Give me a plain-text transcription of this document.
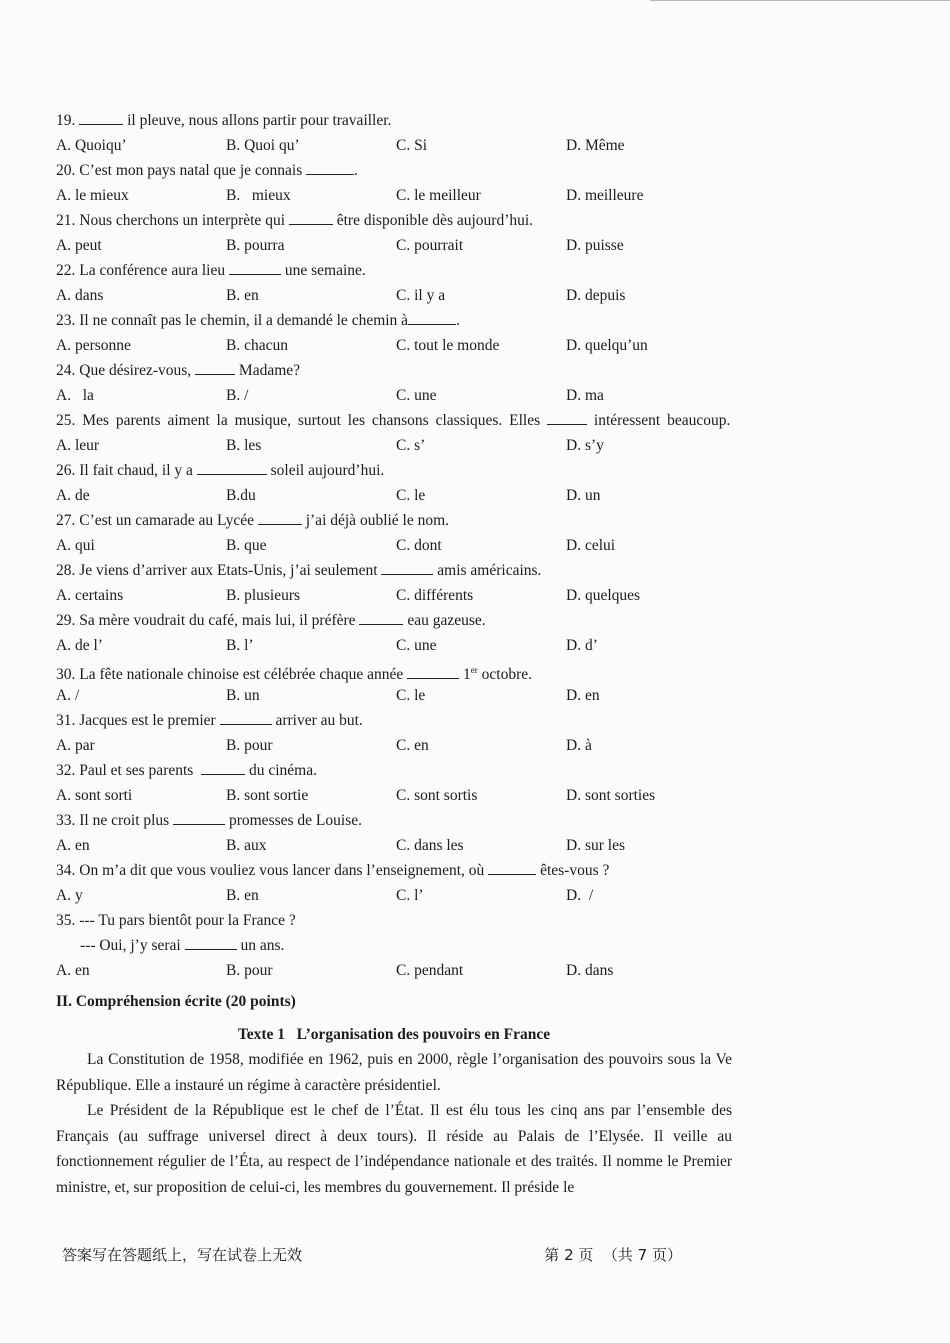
19.	il pleuve, nous allons partir pour travailler.
A. Quoiqu’	B. Quoi qu’	C. Si	D. Même
20. C’est mon pays natal que je connais	.
A. le mieux	B.   mieux	C. le meilleur	D. meilleure
21. Nous cherchons un interprète qui	être disponible dès aujourd’hui.
A. peut	B. pourra	C. pourrait	D. puisse
22. La conférence aura lieu	une semaine.
A. dans	B. en	C. il y a	D. depuis
23. Il ne connaît pas le chemin, il a demandé le chemin à	.
A. personne	B. chacun	C. tout le monde	D. quelqu’un
24. Que désirez-vous,	Madame?
A.   la	B. /	C. une	D. ma
25. Mes parents aiment la musique, surtout les chansons classiques. Elles	intéressent beaucoup.
A. leur	B. les	C. s’	D. s’y
26. Il fait chaud, il y a	soleil aujourd’hui.
A. de	B.du	C. le	D. un
27. C’est un camarade au Lycée	j’ai déjà oublié le nom.
A. qui	B. que	C. dont	D. celui
28. Je viens d’arriver aux Etats-Unis, j’ai seulement	amis américains.
A. certains	B. plusieurs	C. différents	D. quelques
29. Sa mère voudrait du café, mais lui, il préfère	eau gazeuse.
A. de l’	B. l’	C. une	D. d’
30. La fête nationale chinoise est célébrée chaque année	1er octobre.
A. /	B. un	C. le	D. en
31. Jacques est le premier	arriver au but.
A. par	B. pour	C. en	D. à
32. Paul et ses parents	du cinéma.
A. sont sorti	B. sont sortie	C. sont sortis	D. sont sorties
33. Il ne croit plus	promesses de Louise.
A. en	B. aux	C. dans les	D. sur les
34. On m’a dit que vous vouliez vous lancer dans l’enseignement, où	êtes-vous ?
A. y	B. en	C. l’	D.  /
35. --- Tu pars bientôt pour la France ?
--- Oui, j’y serai	un ans.
A. en	B. pour	C. pendant	D. dans
II. Compréhension écrite (20 points)
Texte 1   L’organisation des pouvoirs en France
La Constitution de 1958, modifiée en 1962, puis en 2000, règle l’organisation des pouvoirs sous la Ve République. Elle a instauré un régime à caractère présidentiel.
Le Président de la République est le chef de l’État. Il est élu tous les cinq ans par l’ensemble des Français (au suffrage universel direct à deux tours). Il réside au Palais de l’Elysée. Il veille au fonctionnement régulier de l’Éta, au respect de l’indépendance nationale et des traités. Il nomme le Premier ministre, et, sur proposition de celui-ci, les membres du gouvernement. Il préside le
答案写在答题纸上，写在试卷上无效	第 2 页  （共 7 页）
